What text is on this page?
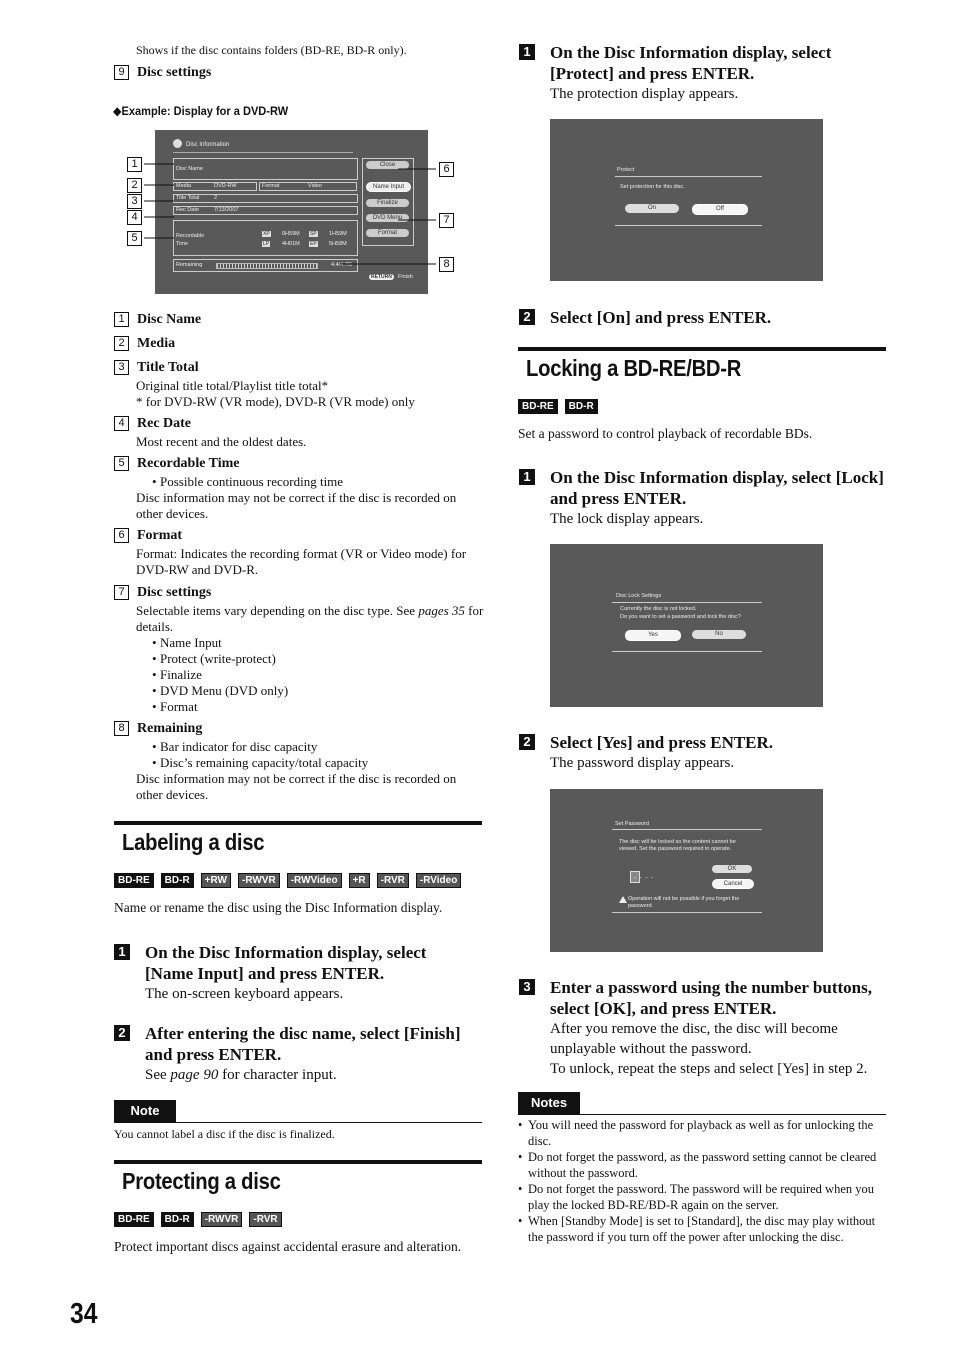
Shows if the disc contains folders (BD-RE, BD-R only).
9 Disc settings
◆Example: Display for a DVD-RW
Disc Information
Disc Name
Media	DVD-RW	Format	Video
Title Total	2
Rec Date	7/13/2007
Recordable
Time
XP 0H59M SP 1H59M
LP 4H01M EP 5H58M
Remaining	4.4/4.7G
RETURN	Finish
Close
Name Input
Finalize
DVD Menu
Format
1
2
3
4
5
6
7
8
1 Disc Name
2 Media
3 Title Total
Original title total/Playlist title total*
* for DVD-RW (VR mode), DVD-R (VR mode) only
4 Rec Date
Most recent and the oldest dates.
5 Recordable Time
• Possible continuous recording time
Disc information may not be correct if the disc is recorded on other devices.
6 Format
Format: Indicates the recording format (VR or Video mode) for DVD-RW and DVD-R.
7 Disc settings
Selectable items vary depending on the disc type. See pages 35 for details.
• Name Input
• Protect (write-protect)
• Finalize
• DVD Menu (DVD only)
• Format
8 Remaining
• Bar indicator for disc capacity
• Disc’s remaining capacity/total capacity
Disc information may not be correct if the disc is recorded on other devices.
Labeling a disc
BD-RE BD-R +RW -RWVR -RWVideo +R -RVR -RVideo
Name or rename the disc using the Disc Information display.
1 On the Disc Information display, select [Name Input] and press ENTER.
The on-screen keyboard appears.
2 After entering the disc name, select [Finish] and press ENTER.
See page 90 for character input.
Note
You cannot label a disc if the disc is finalized.
Protecting a disc
BD-RE BD-R -RWVR -RVR
Protect important discs against accidental erasure and alteration.
34
1 On the Disc Information display, select [Protect] and press ENTER.
The protection display appears.
Protect
Set protection for this disc.
On	Off
2 Select [On] and press ENTER.
Locking a BD-RE/BD-R
BD-RE BD-R
Set a password to control playback of recordable BDs.
1 On the Disc Information display, select [Lock] and press ENTER.
The lock display appears.
Disc Lock Settings
Currently the disc is not locked.
Do you want to set a password and lock the disc?
Yes	No
2 Select [Yes] and press ENTER.
The password display appears.
Set Password
The disc will be locked so the content cannot be
viewed. Set the password required to operate.
- - - -
OK
Cancel
Operation will not be possible if you forget the
password.
3 Enter a password using the number buttons, select [OK], and press ENTER.
After you remove the disc, the disc will become unplayable without the password.
To unlock, repeat the steps and select [Yes] in step 2.
Notes
• You will need the password for playback as well as for unlocking the disc.
• Do not forget the password, as the password setting cannot be cleared without the password.
• Do not forget the password. The password will be required when you play the locked BD-RE/BD-R again on the server.
• When [Standby Mode] is set to [Standard], the disc may play without the password if you turn off the power after unlocking the disc.
